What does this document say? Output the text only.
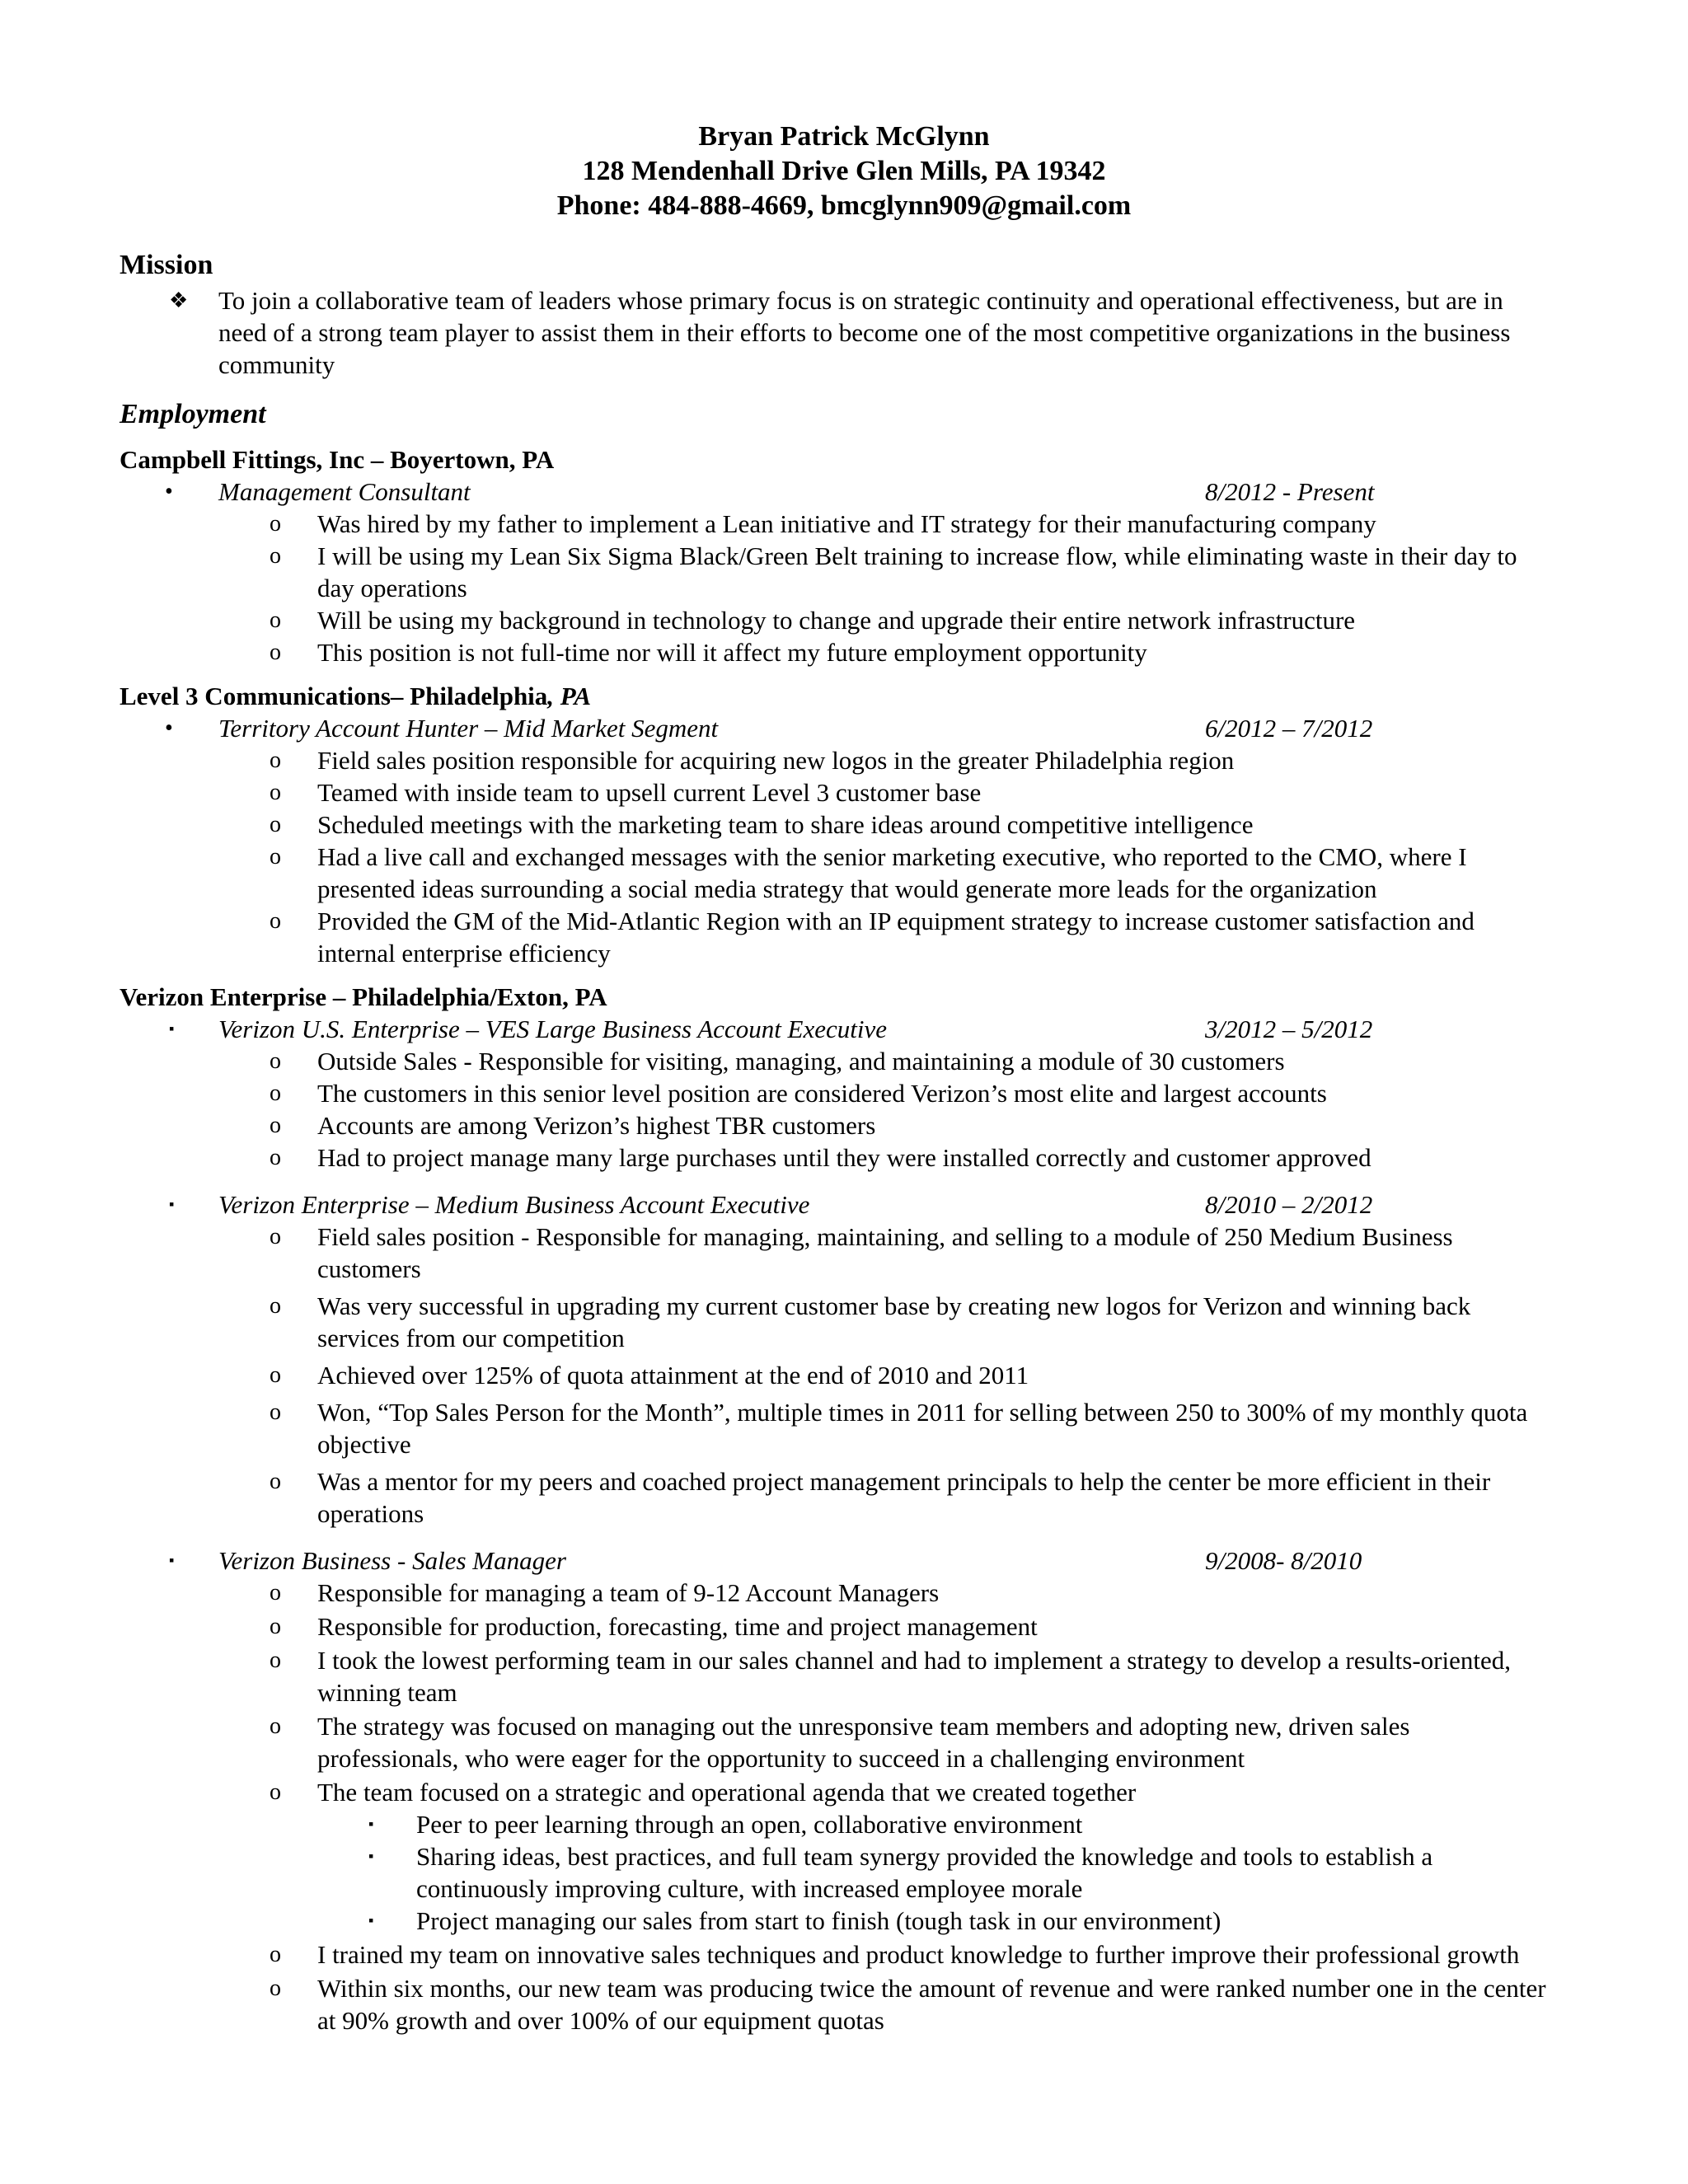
Bryan Patrick McGlynn
128 Mendenhall Drive Glen Mills, PA 19342
Phone: 484-888-4669, bmcglynn909@gmail.com
Mission
❖ To join a collaborative team of leaders whose primary focus is on strategic continuity and operational effectiveness, but are in need of a strong team player to assist them in their efforts to become one of the most competitive organizations in the business community
Employment
Campbell Fittings, Inc – Boyertown, PA
• Management Consultant	8/2012 - Present
o Was hired by my father to implement a Lean initiative and IT strategy for their manufacturing company
o I will be using my Lean Six Sigma Black/Green Belt training to increase flow, while eliminating waste in their day to day operations
o Will be using my background in technology to change and upgrade their entire network infrastructure
o This position is not full-time nor will it affect my future employment opportunity
Level 3 Communications– Philadelphia, PA
• Territory Account Hunter – Mid Market Segment	6/2012 – 7/2012
o Field sales position responsible for acquiring new logos in the greater Philadelphia region
o Teamed with inside team to upsell current Level 3 customer base
o Scheduled meetings with the marketing team to share ideas around competitive intelligence
o Had a live call and exchanged messages with the senior marketing executive, who reported to the CMO, where I presented ideas surrounding a social media strategy that would generate more leads for the organization
o Provided the GM of the Mid-Atlantic Region with an IP equipment strategy to increase customer satisfaction and internal enterprise efficiency
Verizon Enterprise – Philadelphia/Exton, PA
▪ Verizon U.S. Enterprise – VES Large Business Account Executive	3/2012 – 5/2012
o Outside Sales - Responsible for visiting, managing, and maintaining a module of 30 customers
o The customers in this senior level position are considered Verizon’s most elite and largest accounts
o Accounts are among Verizon’s highest TBR customers
o Had to project manage many large purchases until they were installed correctly and customer approved
▪ Verizon Enterprise – Medium Business Account Executive	8/2010 – 2/2012
o Field sales position - Responsible for managing, maintaining, and selling to a module of 250 Medium Business customers
o Was very successful in upgrading my current customer base by creating new logos for Verizon and winning back services from our competition
o Achieved over 125% of quota attainment at the end of 2010 and 2011
o Won, “Top Sales Person for the Month”, multiple times in 2011 for selling between 250 to 300% of my monthly quota objective
o Was a mentor for my peers and coached project management principals to help the center be more efficient in their operations
▪ Verizon Business - Sales Manager	9/2008- 8/2010
o Responsible for managing a team of 9-12 Account Managers
o Responsible for production, forecasting, time and project management
o I took the lowest performing team in our sales channel and had to implement a strategy to develop a results-oriented, winning team
o The strategy was focused on managing out the unresponsive team members and adopting new, driven sales professionals, who were eager for the opportunity to succeed in a challenging environment
o The team focused on a strategic and operational agenda that we created together
▪ Peer to peer learning through an open, collaborative environment
▪ Sharing ideas, best practices, and full team synergy provided the knowledge and tools to establish a continuously improving culture, with increased employee morale
▪ Project managing our sales from start to finish (tough task in our environment)
o I trained my team on innovative sales techniques and product knowledge to further improve their professional growth
o Within six months, our new team was producing twice the amount of revenue and were ranked number one in the center at 90% growth and over 100% of our equipment quotas
